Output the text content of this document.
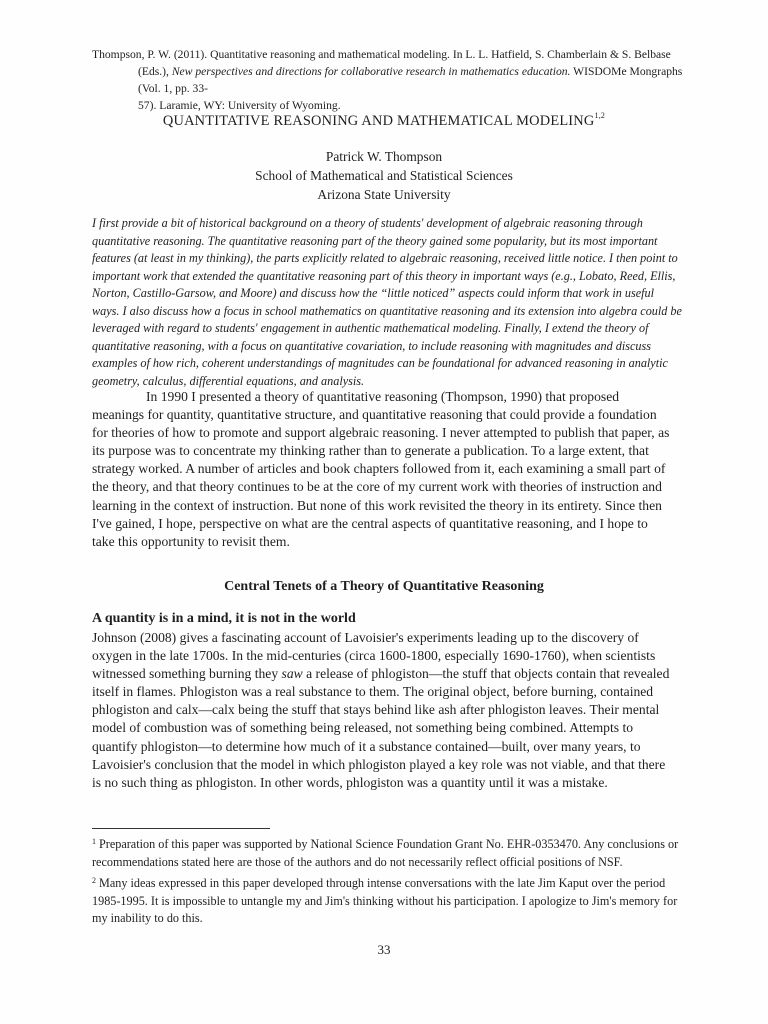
Thompson, P. W. (2011). Quantitative reasoning and mathematical modeling. In L. L. Hatfield, S. Chamberlain & S. Belbase
(Eds.), New perspectives and directions for collaborative research in mathematics education. WISDOMe Mongraphs (Vol. 1, pp. 33-
57). Laramie, WY: University of Wyoming.
QUANTITATIVE REASONING AND MATHEMATICAL MODELING$^{1,2}$
Patrick W. Thompson
School of Mathematical and Statistical Sciences
Arizona State University
I first provide a bit of historical background on a theory of students' development of algebraic reasoning through quantitative reasoning. The quantitative reasoning part of the theory gained some popularity, but its most important features (at least in my thinking), the parts explicitly related to algebraic reasoning, received little notice. I then point to important work that extended the quantitative reasoning part of this theory in important ways (e.g., Lobato, Reed, Ellis, Norton, Castillo-Garsow, and Moore) and discuss how the “little noticed” aspects could inform that work in useful ways. I also discuss how a focus in school mathematics on quantitative reasoning and its extension into algebra could be leveraged with regard to students' engagement in authentic mathematical modeling. Finally, I extend the theory of quantitative reasoning, with a focus on quantitative covariation, to include reasoning with magnitudes and discuss examples of how rich, coherent understandings of magnitudes can be foundational for advanced reasoning in analytic geometry, calculus, differential equations, and analysis.
In 1990 I presented a theory of quantitative reasoning (Thompson, 1990) that proposed meanings for quantity, quantitative structure, and quantitative reasoning that could provide a foundation for theories of how to promote and support algebraic reasoning. I never attempted to publish that paper, as its purpose was to concentrate my thinking rather than to generate a publication. To a large extent, that strategy worked. A number of articles and book chapters followed from it, each examining a small part of the theory, and that theory continues to be at the core of my current work with theories of instruction and learning in the context of instruction. But none of this work revisited the theory in its entirety. Since then I've gained, I hope, perspective on what are the central aspects of quantitative reasoning, and I hope to take this opportunity to revisit them.
Central Tenets of a Theory of Quantitative Reasoning
A quantity is in a mind, it is not in the world
Johnson (2008) gives a fascinating account of Lavoisier's experiments leading up to the discovery of oxygen in the late 1700s. In the mid-centuries (circa 1600-1800, especially 1690-1760), when scientists witnessed something burning they saw a release of phlogiston—the stuff that objects contain that revealed itself in flames. Phlogiston was a real substance to them. The original object, before burning, contained phlogiston and calx—calx being the stuff that stays behind like ash after phlogiston leaves. Their mental model of combustion was of something being released, not something being combined. Attempts to quantify phlogiston—to determine how much of it a substance contained—built, over many years, to Lavoisier's conclusion that the model in which phlogiston played a key role was not viable, and that there is no such thing as phlogiston. In other words, phlogiston was a quantity until it was a mistake.

$^1$ Preparation of this paper was supported by National Science Foundation Grant No. EHR-0353470. Any conclusions or recommendations stated here are those of the authors and do not necessarily reflect official positions of NSF.

$^2$ Many ideas expressed in this paper developed through intense conversations with the late Jim Kaput over the period 1985-1995. It is impossible to untangle my and Jim's thinking without his participation. I apologize to Jim's memory for my inability to do this.

33
